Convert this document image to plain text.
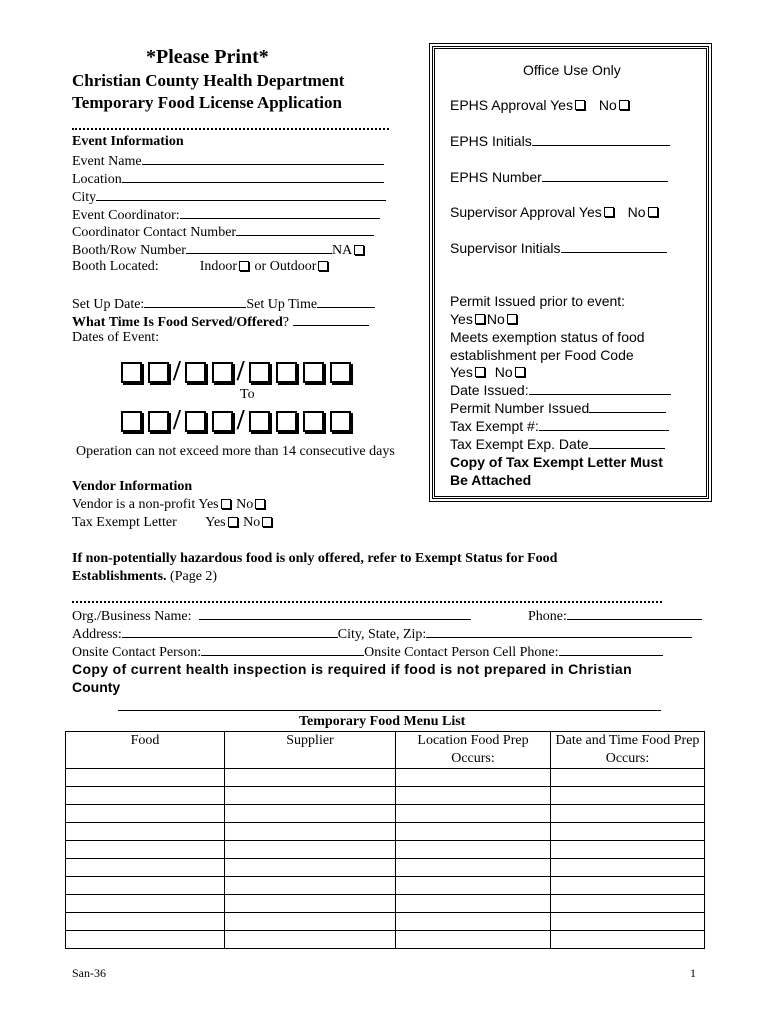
*Please Print*
Christian County Health Department
Temporary Food License Application
Event Information
Event Name
Location
City
Event Coordinator:
Coordinator Contact Number
Booth/Row Number	NA
Booth Located:	Indoor or Outdoor
Set Up Date:	Set Up Time
What Time Is Food Served/Offered?
Dates of Event:
/ /
To
/ /
Operation can not exceed more than 14 consecutive days
Vendor Information
Vendor is a non-profit Yes No
Tax Exempt Letter Yes No
Office Use Only
EPHS Approval Yes No
EPHS Initials
EPHS Number
Supervisor Approval Yes No
Supervisor Initials
Permit Issued prior to event:
Yes No
Meets exemption status of food
establishment per Food Code
Yes No
Date Issued:
Permit Number Issued
Tax Exempt #:
Tax Exempt Exp. Date
Copy of Tax Exempt Letter Must
Be Attached
If non-potentially hazardous food is only offered, refer to Exempt Status for Food
Establishments. (Page 2)
Org./Business Name:	Phone:
Address:	City, State, Zip:
Onsite Contact Person:	Onsite Contact Person Cell Phone:
Copy of current health inspection is required if food is not prepared in Christian
County
Temporary Food Menu List
Food	Supplier	Location Food Prep Occurs:	Date and Time Food Prep Occurs:

San-36	1
